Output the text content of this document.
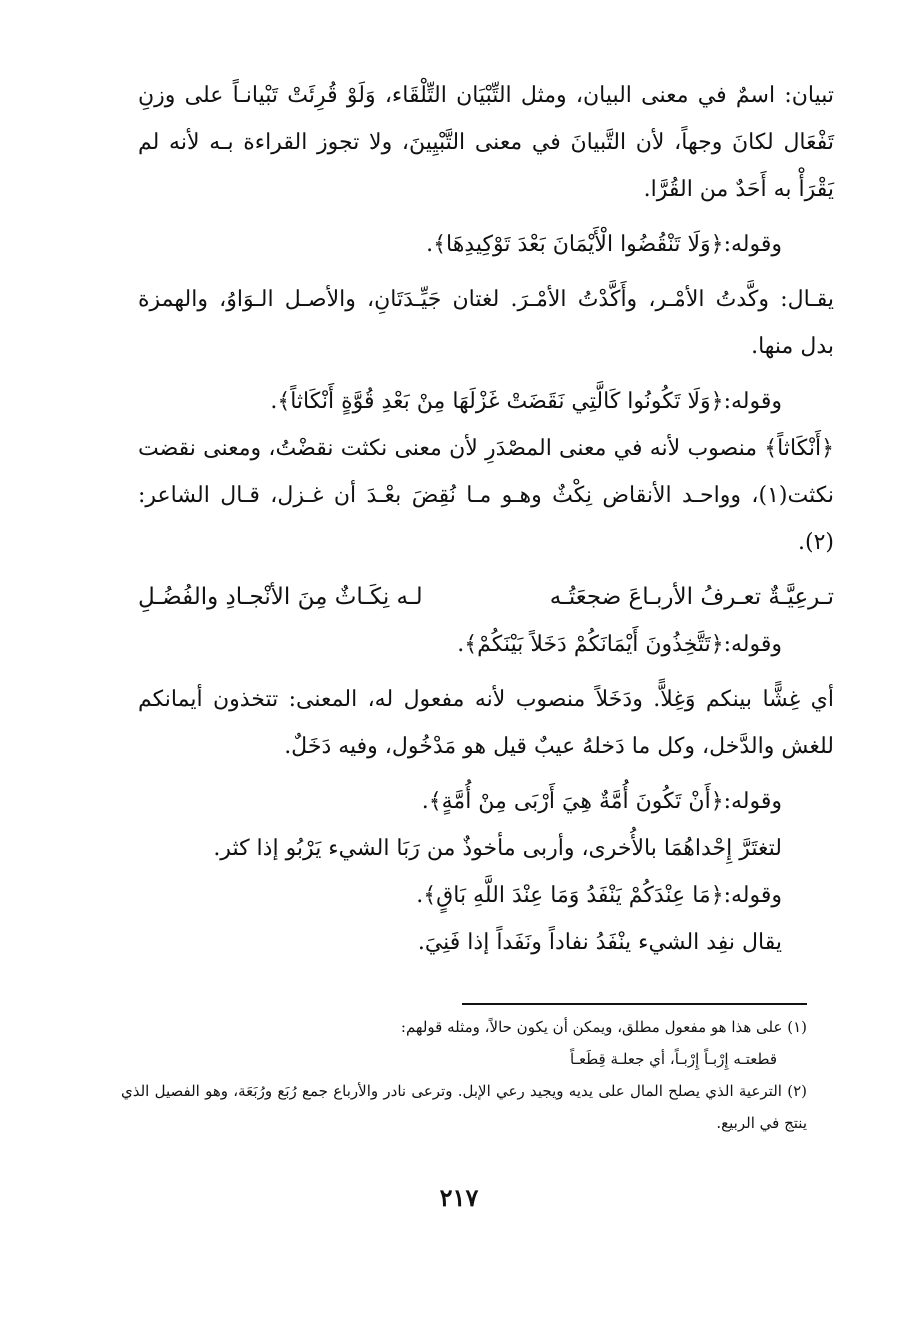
تبيان: اسمٌ في معنى البيان، ومثل التِّبْيَان التِّلْقَاء، وَلَوْ قُرِئَتْ تَبْيانـاً على وزنِ تَفْعَال لكانَ وجهاً، لأن التَّبيانَ في معنى التَّبْيِينَ، ولا تجوز القراءة بـه لأنه لم يَقْرَأْ به أَحَدٌ من القُرَّا.

وقوله:﴿وَلَا تَنْقُضُوا الْأَيْمَانَ بَعْدَ تَوْكِيدِهَا﴾.

يقـال: وكَّدتُ الأمْـر، وأَكَّدْتُ الأمْـرَ. لغتان جَيِّـدَتَانِ، والأصـل الـوَاوُ، والهمزة بدل منها.

وقوله:﴿وَلَا تَكُونُوا كَالَّتِي نَقَضَتْ غَزْلَهَا مِنْ بَعْدِ قُوَّةٍ أَنْكَاثاً﴾.

﴿أَنْكَاثاً﴾ منصوب لأنه في معنى المصْدَرِ لأن معنى نكثت نقضْتُ، ومعنى نقضت نكثت(١)، وواحـد الأنقاض نِكْثٌ وهـو مـا نُقِضَ بعْـدَ أن غـزل، قـال الشاعر: (٢).

تـرعِيَّـةٌ تعـرفُ الأربـاعَ ضجعَتُـه
لـه نِكَـاثٌ مِنَ الأنْجـادِ والفُضُـلِ

وقوله:﴿تَتَّخِذُونَ أَيْمَانَكُمْ دَخَلاً بَيْنَكُمْ﴾.

أي غِشًّا بينكم وَغِلاًّ. ودَخَلاً منصوب لأنه مفعول له، المعنى: تتخذون أيمانكم للغش والدَّخل، وكل ما دَخلهُ عيبٌ قيل هو مَدْخُول، وفيه دَخَلٌ.

وقوله:﴿أَنْ تَكُونَ أُمَّةٌ هِيَ أَرْبَى مِنْ أُمَّةٍ﴾.

لتغتَرَّ إِحْداهُمَا بالأُخرى، وأربى مأخوذٌ من رَبَا الشيء يَرْبُو إذا كثر.

وقوله:﴿مَا عِنْدَكُمْ يَنْفَدُ وَمَا عِنْدَ اللَّهِ بَاقٍ﴾.

يقال نفِد الشيء ينْفَدُ نفاداً ونَفَداً إذا فَنِيَ.

(١) على هذا هو مفعول مطلق، ويمكن أن يكون حالاً، ومثله قولهم:

قطعتـه إِرْبـاً إِرْبـاً، أي جعلـة قِطَعـاً

(٢) الترعية الذي يصلح المال على يديه ويجيد رعي الإبل. وترعى نادر والأرباع جمع رُبَع ورُبَعَة، وهو الفصيل الذي ينتج في الربيع.

٢١٧
